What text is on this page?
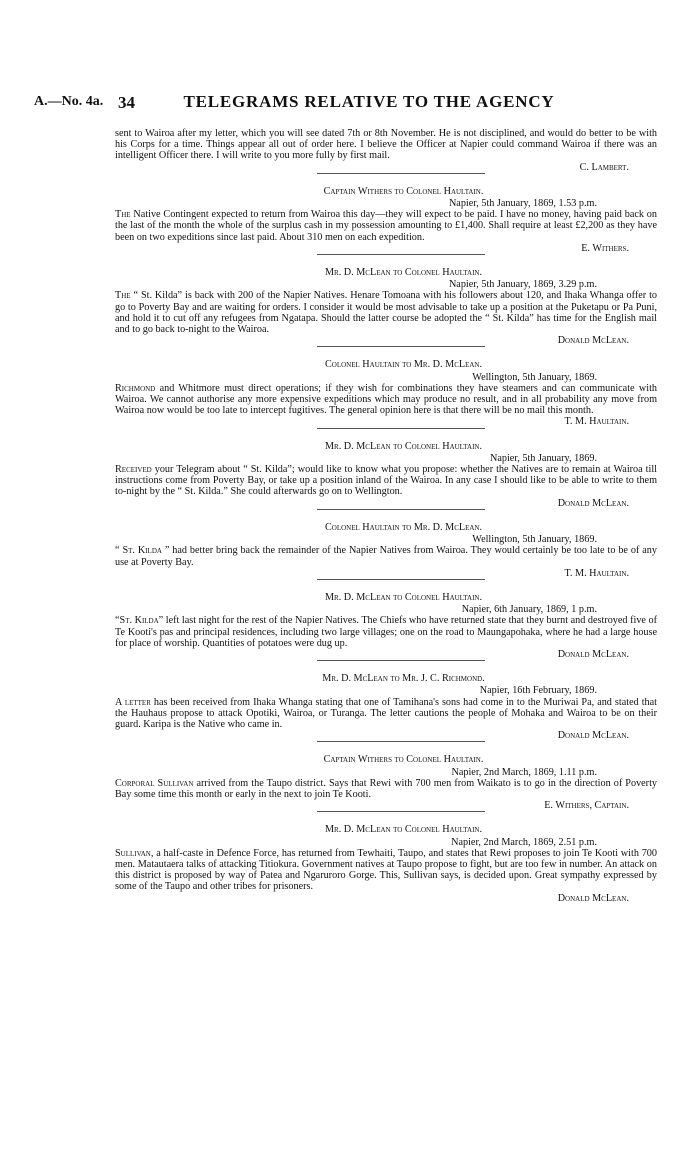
A.—No. 4a. 34	TELEGRAMS RELATIVE TO THE AGENCY

sent to Wairoa after my letter, which you will see dated 7th or 8th November. He is not disciplined, and would do better to be with his Corps for a time. Things appear all out of order here. I believe the Officer at Napier could command Wairoa if there was an intelligent Officer there. I will write to you more fully by first mail.

C. Lambert.

Captain Withers to Colonel Haultain.

Napier, 5th January, 1869, 1.53 p.m.

The Native Contingent expected to return from Wairoa this day—they will expect to be paid. I have no money, having paid back on the last of the month the whole of the surplus cash in my possession amounting to £1,400. Shall require at least £2,200 as they have been on two expeditions since last paid. About 310 men on each expedition.

E. Withers.

Mr. D. McLean to Colonel Haultain.

Napier, 5th January, 1869, 3.29 p.m.

The “ St. Kilda” is back with 200 of the Napier Natives. Henare Tomoana with his followers about 120, and Ihaka Whanga offer to go to Poverty Bay and are waiting for orders. I consider it would be most advisable to take up a position at the Puketapu or Pa Puni, and hold it to cut off any refugees from Ngatapa. Should the latter course be adopted the “ St. Kilda” has time for the English mail and to go back to-night to the Wairoa.

Donald McLean.

Colonel Haultain to Mr. D. McLean.

Wellington, 5th January, 1869.

Richmond and Whitmore must direct operations; if they wish for combinations they have steamers and can communicate with Wairoa. We cannot authorise any more expensive expeditions which may produce no result, and in all probability any move from Wairoa now would be too late to intercept fugitives. The general opinion here is that there will be no mail this month.

T. M. Haultain.

Mr. D. McLean to Colonel Haultain.

Napier, 5th January, 1869.

Received your Telegram about “ St. Kilda”; would like to know what you propose: whether the Natives are to remain at Wairoa till instructions come from Poverty Bay, or take up a position inland of the Wairoa. In any case I should like to be able to write to them to-night by the “ St. Kilda.” She could afterwards go on to Wellington.

Donald McLean.

Colonel Haultain to Mr. D. McLean.

Wellington, 5th January, 1869.

“ St. Kilda ” had better bring back the remainder of the Napier Natives from Wairoa. They would certainly be too late to be of any use at Poverty Bay.

T. M. Haultain.

Mr. D. McLean to Colonel Haultain.

Napier, 6th January, 1869, 1 p.m.

“St. Kilda” left last night for the rest of the Napier Natives. The Chiefs who have returned state that they burnt and destroyed five of Te Kooti's pas and principal residences, including two large villages; one on the road to Maungapohaka, where he had a large house for place of worship. Quantities of potatoes were dug up.

Donald McLean.

Mr. D. McLean to Mr. J. C. Richmond.

Napier, 16th February, 1869.

A letter has been received from Ihaka Whanga stating that one of Tamihana's sons had come in to the Muriwai Pa, and stated that the Hauhaus propose to attack Opotiki, Wairoa, or Turanga. The letter cautions the people of Mohaka and Wairoa to be on their guard. Karipa is the Native who came in.

Donald McLean.

Captain Withers to Colonel Haultain.

Napier, 2nd March, 1869, 1.11 p.m.

Corporal Sullivan arrived from the Taupo district. Says that Rewi with 700 men from Waikato is to go in the direction of Poverty Bay some time this month or early in the next to join Te Kooti.

E. Withers, Captain.

Mr. D. McLean to Colonel Haultain.

Napier, 2nd March, 1869, 2.51 p.m.

Sullivan, a half-caste in Defence Force, has returned from Tewhaiti, Taupo, and states that Rewi proposes to join Te Kooti with 700 men. Matautaera talks of attacking Titiokura. Government natives at Taupo propose to fight, but are too few in number. An attack on this district is proposed by way of Patea and Ngaruroro Gorge. This, Sullivan says, is decided upon. Great sympathy expressed by some of the Taupo and other tribes for prisoners.

Donald McLean.
